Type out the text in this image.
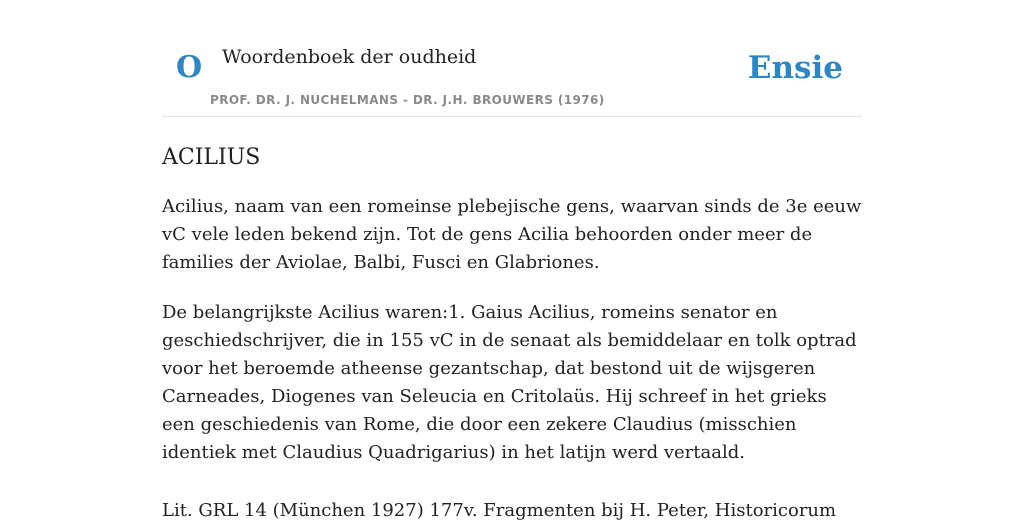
O Woordenboek der oudheid
PROF. DR. J. NUCHELMANS - DR. J.H. BROUWERS (1976)
Ensie
ACILIUS

Acilius, naam van een romeinse plebejische gens, waarvan sinds de 3e eeuw vC vele leden bekend zijn. Tot de gens Acilia behoorden onder meer de families der Aviolae, Balbi, Fusci en Glabriones.

De belangrijkste Acilius waren:1. Gaius Acilius, romeins senator en geschiedschrijver, die in 155 vC in de senaat als bemiddelaar en tolk optrad voor het beroemde atheense gezantschap, dat bestond uit de wijsgeren Carneades, Diogenes van Seleucia en Critolaüs. Hij schreef in het grieks een geschiedenis van Rome, die door een zekere Claudius (misschien identiek met Claudius Quadrigarius) in het latijn werd vertaald.

Lit. GRL 14 (München 1927) 177v. Fragmenten bij H. Peter, Historicorum
